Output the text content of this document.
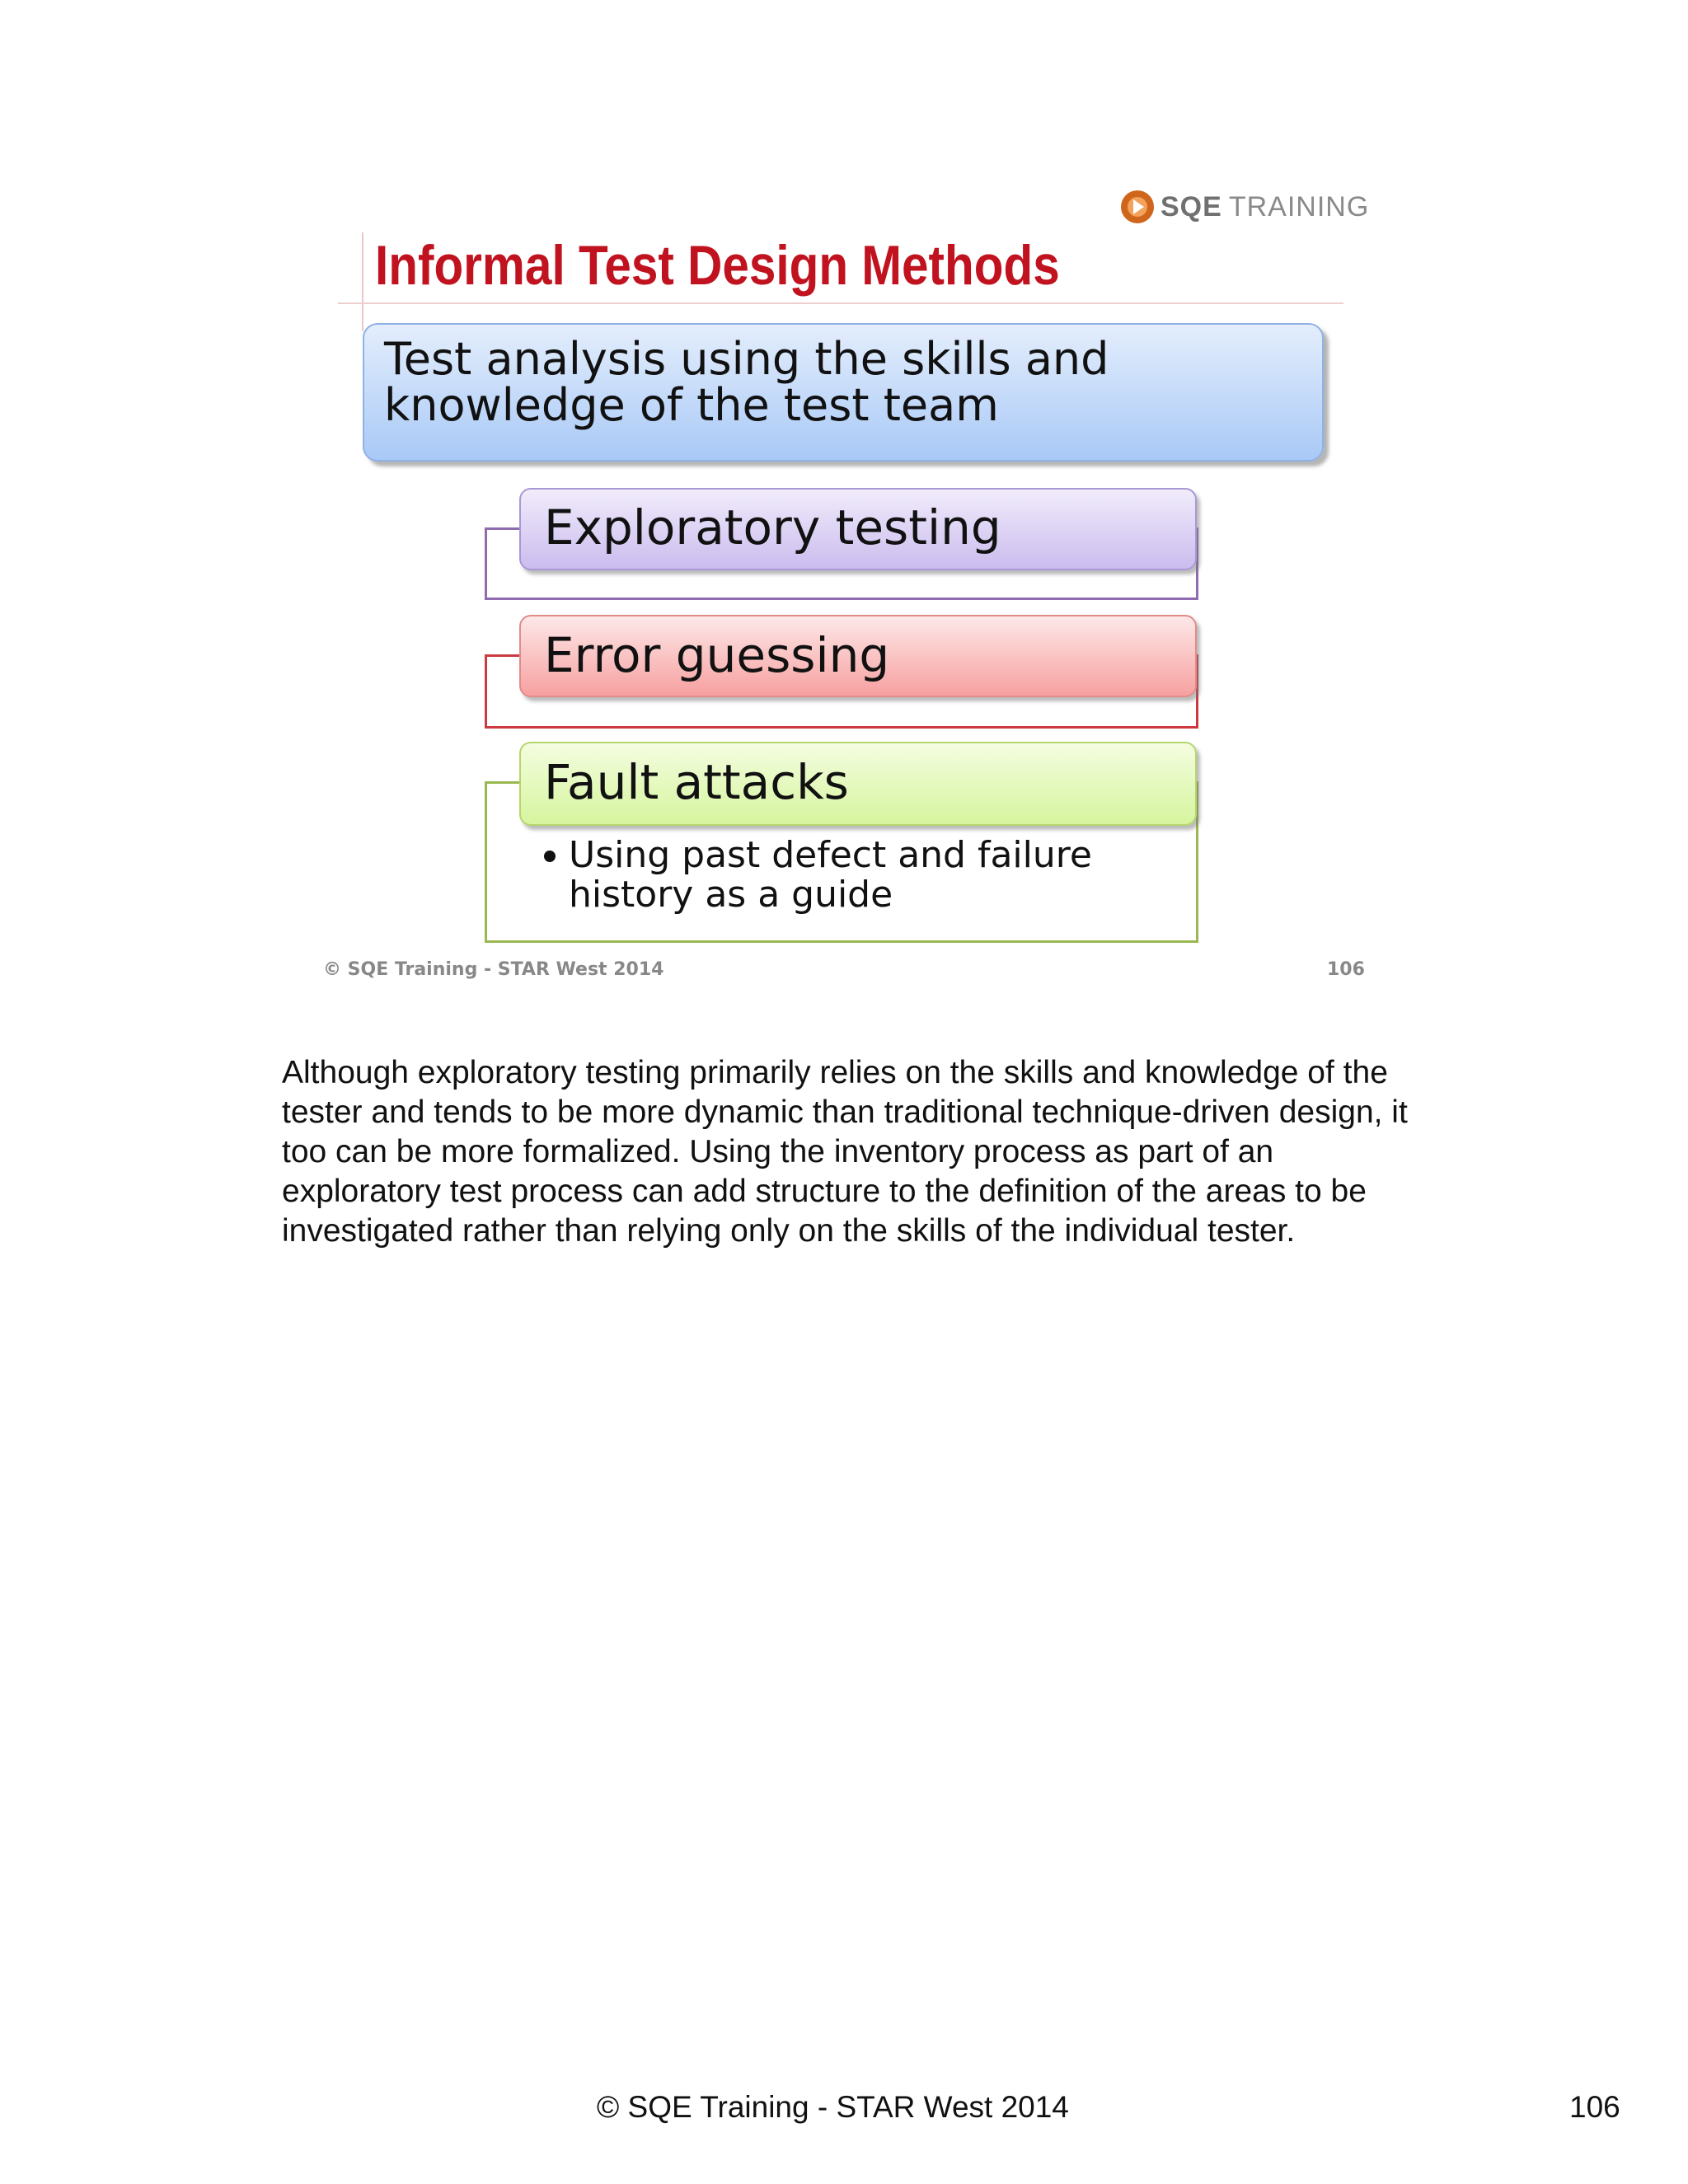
SQE TRAINING
Informal Test Design Methods
Test analysis using the skills and knowledge of the test team
Exploratory testing
Error guessing
Fault attacks
Using past defect and failure history as a guide
© SQE Training - STAR West 2014	106

Although exploratory testing primarily relies on the skills and knowledge of the tester and tends to be more dynamic than traditional technique-driven design, it too can be more formalized. Using the inventory process as part of an exploratory test process can add structure to the definition of the areas to be investigated rather than relying only on the skills of the individual tester.

© SQE Training - STAR West 2014	106
